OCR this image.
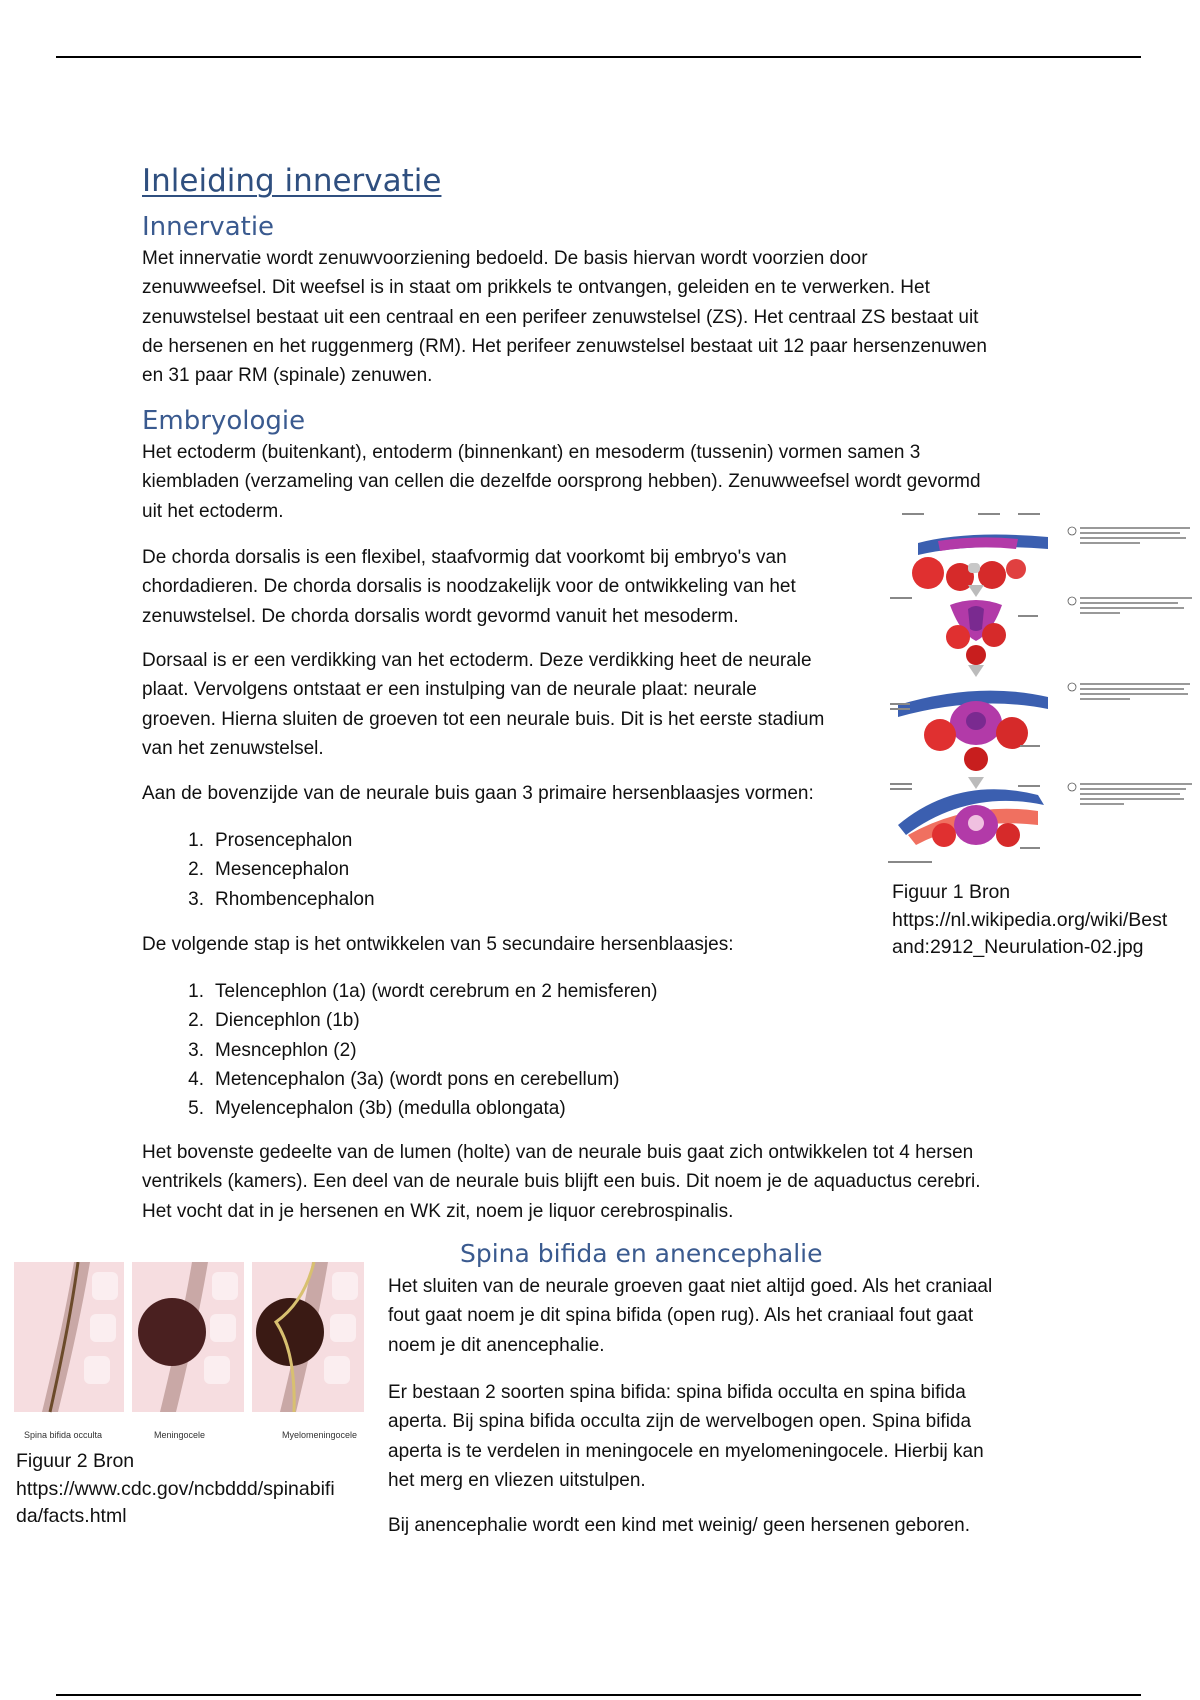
Inleiding innervatie
Innervatie

Met innervatie wordt zenuwvoorziening bedoeld. De basis hiervan wordt voorzien door

zenuwweefsel. Dit weefsel is in staat om prikkels te ontvangen, geleiden en te verwerken. Het

zenuwstelsel bestaat uit een centraal en een perifeer zenuwstelsel (ZS). Het centraal ZS bestaat uit

de hersenen en het ruggenmerg (RM). Het perifeer zenuwstelsel bestaat uit 12 paar hersenzenuwen

en 31 paar RM (spinale) zenuwen.

Embryologie

Het ectoderm (buitenkant), entoderm (binnenkant) en mesoderm (tussenin) vormen samen 3

kiembladen (verzameling van cellen die dezelfde oorsprong hebben). Zenuwweefsel wordt gevormd

uit het ectoderm.

De chorda dorsalis is een flexibel, staafvormig dat voorkomt bij embryo's van

chordadieren. De chorda dorsalis is noodzakelijk voor de ontwikkeling van het

zenuwstelsel. De chorda dorsalis wordt gevormd vanuit het mesoderm.

Dorsaal is er een verdikking van het ectoderm. Deze verdikking heet de neurale

plaat. Vervolgens ontstaat er een instulping van de neurale plaat: neurale

groeven. Hierna sluiten de groeven tot een neurale buis. Dit is het eerste stadium

van het zenuwstelsel.

Aan de bovenzijde van de neurale buis gaan 3 primaire hersenblaasjes vormen:

1. Prosencephalon
2. Mesencephalon
3. Rhombencephalon

De volgende stap is het ontwikkelen van 5 secundaire hersenblaasjes:

1. Telencephlon (1a) (wordt cerebrum en 2 hemisferen)
2. Diencephlon (1b)
3. Mesncephlon (2)
4. Metencephalon (3a) (wordt pons en cerebellum)
5. Myelencephalon (3b) (medulla oblongata)

Het bovenste gedeelte van de lumen (holte) van de neurale buis gaat zich ontwikkelen tot 4 hersen

ventrikels (kamers). Een deel van de neurale buis blijft een buis. Dit noem je de aquaductus cerebri.

Het vocht dat in je hersenen en WK zit, noem je liquor cerebrospinalis.

Figuur 1 Bron

https://nl.wikipedia.org/wiki/Best

and:2912_Neurulation-02.jpg

Spina bifida en anencephalie
Spina bifida occulta	Meningocele	Myelomeningocele

Figuur 2 Bron

https://www.cdc.gov/ncbddd/spinabifi

da/facts.html

Het sluiten van de neurale groeven gaat niet altijd goed. Als het craniaal

fout gaat noem je dit spina bifida (open rug). Als het craniaal fout gaat

noem je dit anencephalie.

Er bestaan 2 soorten spina bifida: spina bifida occulta en spina bifida

aperta. Bij spina bifida occulta zijn de wervelbogen open. Spina bifida

aperta is te verdelen in meningocele en myelomeningocele. Hierbij kan

het merg en vliezen uitstulpen.

Bij anencephalie wordt een kind met weinig/ geen hersenen geboren.
